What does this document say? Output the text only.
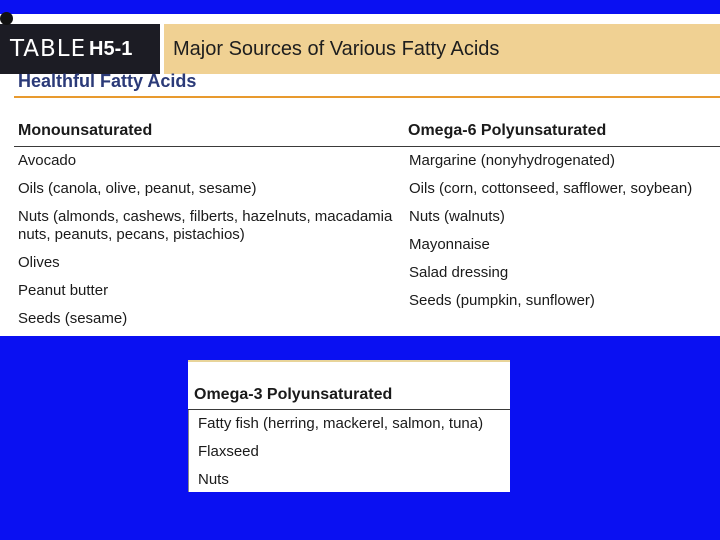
TABLE H5-1 Major Sources of Various Fatty Acids
Healthful Fatty Acids
Monounsaturated	Omega-6 Polyunsaturated
Avocado
Oils (canola, olive, peanut, sesame)
Nuts (almonds, cashews, filberts, hazelnuts, macadamia nuts, peanuts, pecans, pistachios)
Olives
Peanut butter
Seeds (sesame)
Margarine (nonyhydrogenated)
Oils (corn, cottonseed, safflower, soybean)
Nuts (walnuts)
Mayonnaise
Salad dressing
Seeds (pumpkin, sunflower)
Omega-3 Polyunsaturated
Fatty fish (herring, mackerel, salmon, tuna)
Flaxseed
Nuts
